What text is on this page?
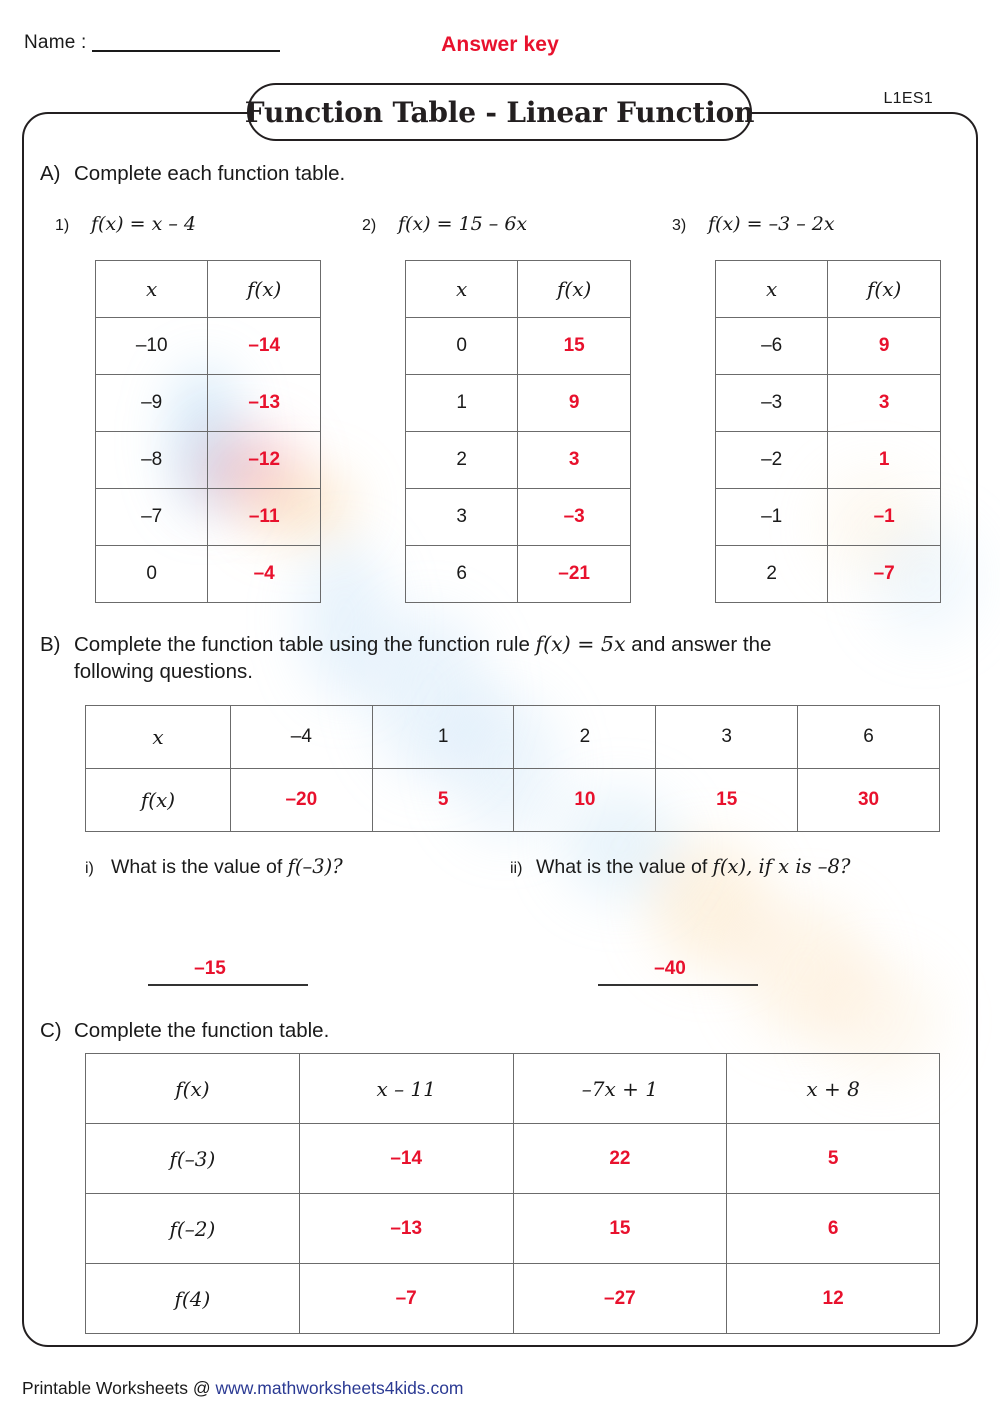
Name :	Answer key
L1ES1
Function Table - Linear Function
A) Complete each function table.
1)	f(x) = x – 4
x	f(x)
–10	–14
–9	–13
–8	–12
–7	–11
0	–4
2)	f(x) = 15 – 6x
x	f(x)
0	15
1	9
2	3
3	–3
6	–21
3)	f(x) = –3 – 2x
x	f(x)
–6	9
–3	3
–2	1
–1	–1
2	–7
B) Complete the function table using the function rule f(x) = 5x and answer the
following questions.
x	–4	1	2	3	6
f(x)	–20	5	10	15	30
i) What is the value of f(–3)?
–15
ii) What is the value of f(x), if x is –8?
–40
C) Complete the function table.
f(x)	x – 11	–7x + 1	x + 8
f(–3)	–14	22	5
f(–2)	–13	15	6
f(4)	–7	–27	12
Printable Worksheets @ www.mathworksheets4kids.com
